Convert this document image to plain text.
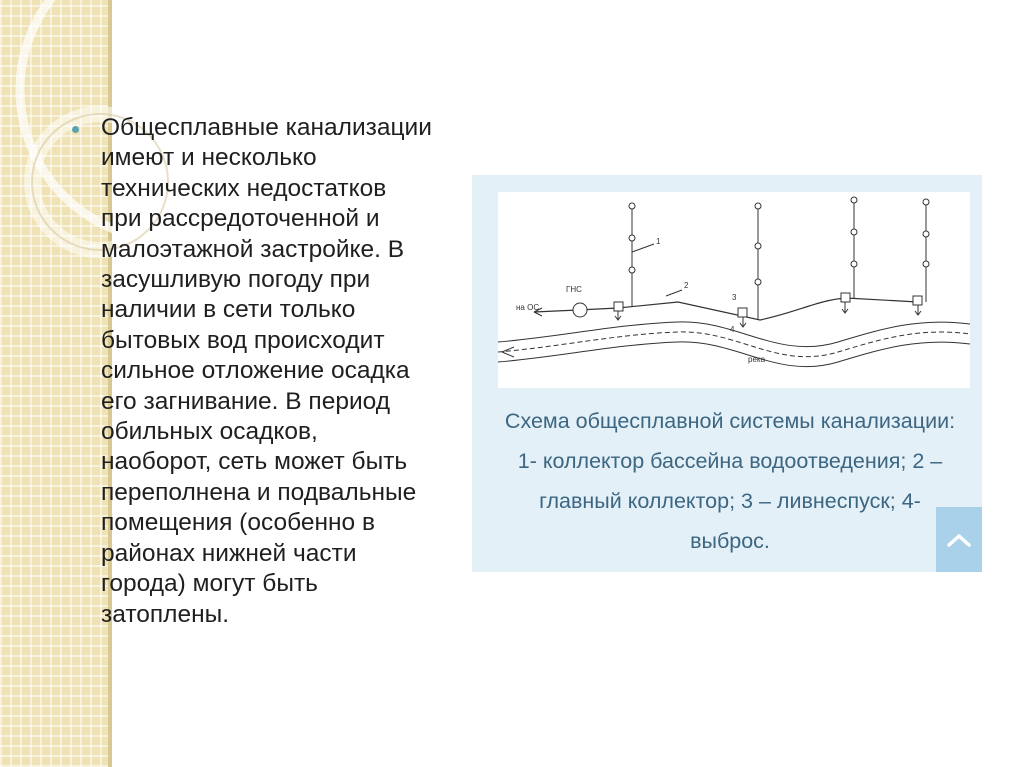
Общесплавные канализации
имеют и несколько
технических недостатков
при рассредоточенной и
малоэтажной застройке. В
засушливую погоду при
наличии в сети только
бытовых вод происходит
сильное отложение осадка
его загнивание. В период
обильных осадков,
наоборот, сеть может быть
переполнена и подвальные
помещения (особенно в
районах нижней части
города) могут быть
затоплены.

на ОС
ГНС
1
2
3
4
река

Схема общесплавной системы канализации: 1- коллектор бассейна водоотведения; 2 – главный коллектор; 3 – ливнеспуск; 4- выброс.
